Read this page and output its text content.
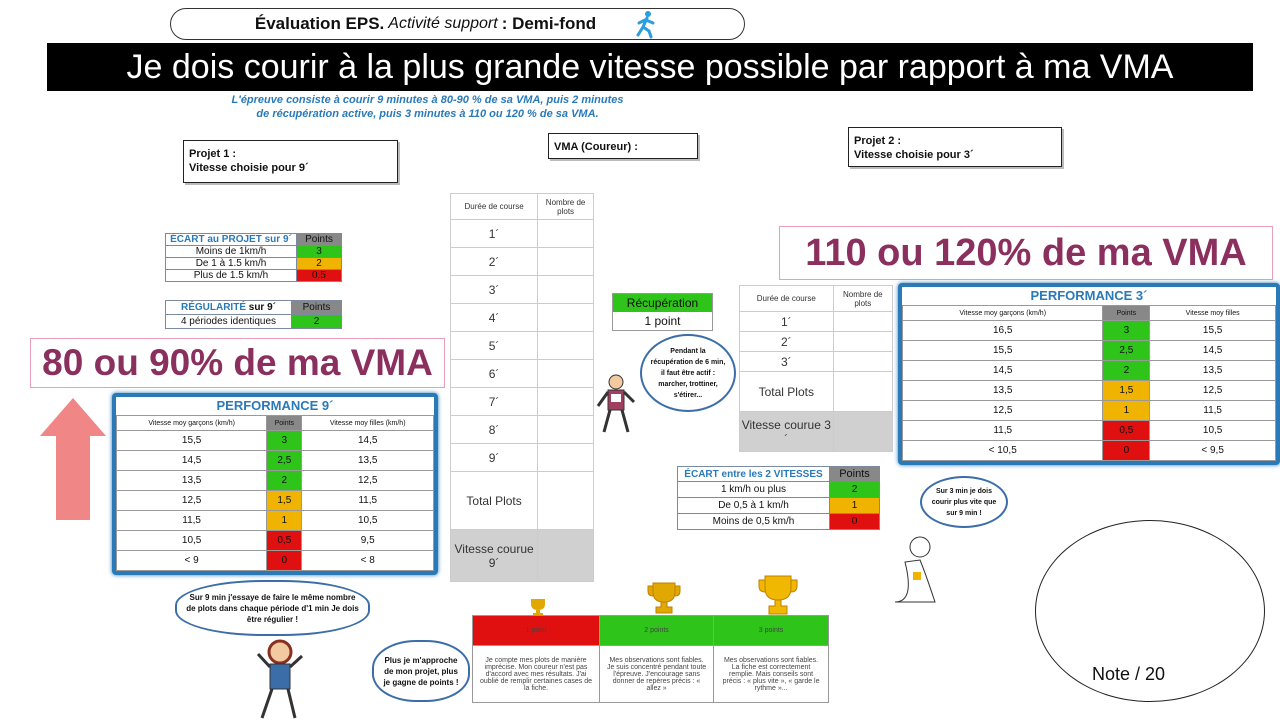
Évaluation EPS. Activité support : Demi-fond
Je dois courir à la plus grande vitesse possible par rapport à ma VMA
L'épreuve consiste à courir 9 minutes à 80-90 % de sa VMA, puis 2 minutes
de récupération active, puis 3 minutes à 110 ou 120 % de sa VMA.
Projet 1 :
Vitesse choisie pour 9´
VMA (Coureur) :	Projet 2 :
Vitesse choisie pour 3´
ÉCART au PROJET sur 9´	Points
Moins de 1km/h	3
De 1 à 1.5 km/h	2
Plus de 1.5 km/h	0.5
RÉGULARITÉ sur 9´	Points
4 périodes identiques	2
Durée de course	Nombre de plots
1´	
2´	
3´	
4´	
5´	
6´	
7´	
8´	
9´	
Total Plots	
Vitesse courue 9´	
Durée de course	Nombre de plots
1´	
2´	
3´	
Total Plots	
Vitesse courue 3´	
Récupération
1 point
Pendant la récupération de 6 min, il faut être actif : marcher, trottiner, s'étirer...
110 ou 120% de ma VMA
PERFORMANCE 3´
Vitesse moy garçons (km/h)	Points	Vitesse moy filles
16,5	3	15,5
15,5	2,5	14,5
14,5	2	13,5
13,5	1,5	12,5
12,5	1	11,5
11,5	0,5	10,5
< 10,5	0	< 9,5
80 ou 90% de ma VMA
PERFORMANCE 9´
Vitesse moy garçons (km/h)	Points	Vitesse moy filles (km/h)
15,5	3	14,5
14,5	2,5	13,5
13,5	2	12,5
12,5	1,5	11,5
11,5	1	10,5
10,5	0,5	9,5
< 9	0	< 8
ÉCART entre les 2 VITESSES	Points
1 km/h ou plus	2
De 0,5 à 1 km/h	1
Moins de 0,5 km/h	0
Sur 3 min je dois courir plus vite que sur 9 min !
Sur 9 min j'essaye de faire le même nombre de plots dans chaque période d'1 min Je dois être régulier !
Plus je m'approche de mon projet, plus je gagne de points !
1 point	2 points	3 points
Je compte mes plots de manière imprécise. Mon coureur n'est pas d'accord avec mes résultats. J'ai oublié de remplir certaines cases de la fiche.	Mes observations sont fiables. Je suis concentré pendant toute l'épreuve. J'encourage sans donner de repères précis : « allez »	Mes observations sont fiables. La fiche est correctement remplie. Mais conseils sont précis : « plus vite », « garde le rythme »...
Note / 20
